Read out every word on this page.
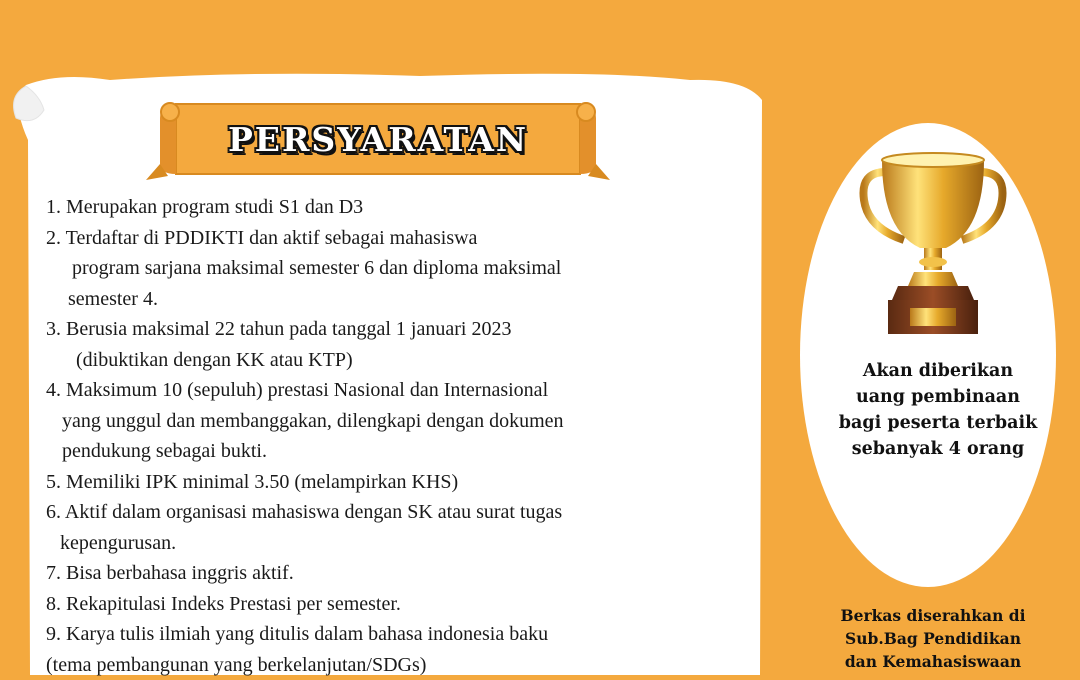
PERSYARATAN
1. Merupakan program studi S1 dan D3
2. Terdaftar di PDDIKTI dan aktif sebagai mahasiswa
program sarjana maksimal semester 6 dan diploma maksimal
semester 4.
3. Berusia maksimal 22 tahun pada tanggal 1 januari 2023
(dibuktikan dengan KK atau KTP)
4. Maksimum 10 (sepuluh) prestasi Nasional dan Internasional
yang unggul dan membanggakan, dilengkapi dengan dokumen
pendukung sebagai bukti.
5. Memiliki IPK minimal 3.50 (melampirkan KHS)
6. Aktif dalam organisasi mahasiswa dengan SK atau surat tugas
kepengurusan.
7. Bisa berbahasa inggris aktif.
8. Rekapitulasi Indeks Prestasi per semester.
9. Karya tulis ilmiah yang ditulis dalam bahasa indonesia baku
(tema pembangunan yang berkelanjutan/SDGs)
Akan diberikan
uang pembinaan
bagi peserta terbaik
sebanyak 4 orang
Berkas diserahkan di
Sub.Bag Pendidikan
dan Kemahasiswaan
